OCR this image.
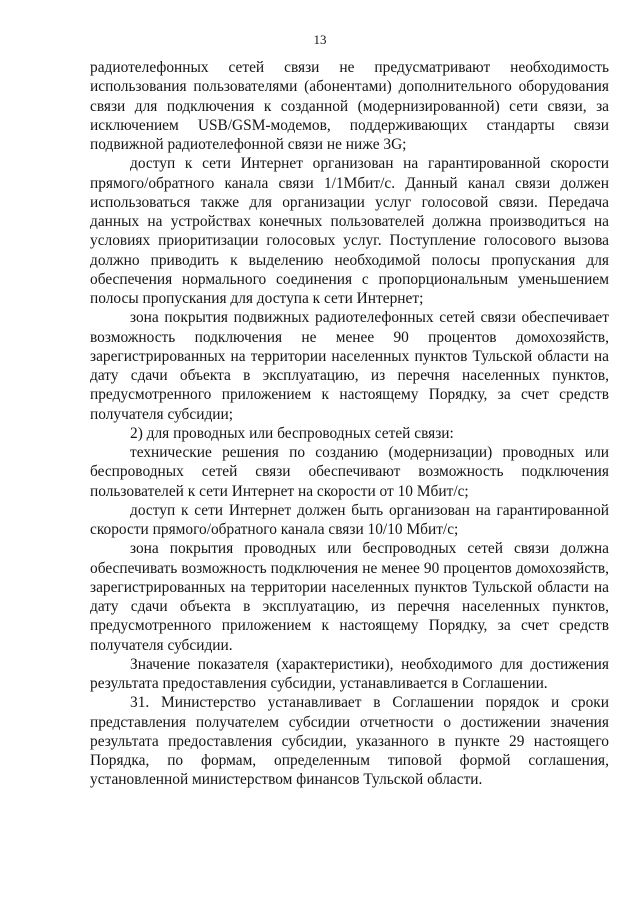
13

радиотелефонных сетей связи не предусматривают необходимость использования пользователями (абонентами) дополнительного оборудования связи для подключения к созданной (модернизированной) сети связи, за исключением USB/GSM-модемов, поддерживающих стандарты связи подвижной радиотелефонной связи не ниже 3G;

доступ к сети Интернет организован на гарантированной скорости прямого/обратного канала связи 1/1Мбит/с. Данный канал связи должен использоваться также для организации услуг голосовой связи. Передача данных на устройствах конечных пользователей должна производиться на условиях приоритизации голосовых услуг. Поступление голосового вызова должно приводить к выделению необходимой полосы пропускания для обеспечения нормального соединения с пропорциональным уменьшением полосы пропускания для доступа к сети Интернет;

зона покрытия подвижных радиотелефонных сетей связи обеспечивает возможность подключения не менее 90 процентов домохозяйств, зарегистрированных на территории населенных пунктов Тульской области на дату сдачи объекта в эксплуатацию, из перечня населенных пунктов, предусмотренного приложением к настоящему Порядку, за счет средств получателя субсидии;

2) для проводных или беспроводных сетей связи:

технические решения по созданию (модернизации) проводных или беспроводных сетей связи обеспечивают возможность подключения пользователей к сети Интернет на скорости от 10 Мбит/с;

доступ к сети Интернет должен быть организован на гарантированной скорости прямого/обратного канала связи 10/10 Мбит/с;

зона покрытия проводных или беспроводных сетей связи должна обеспечивать возможность подключения не менее 90 процентов домохозяйств, зарегистрированных на территории населенных пунктов Тульской области на дату сдачи объекта в эксплуатацию, из перечня населенных пунктов, предусмотренного приложением к настоящему Порядку, за счет средств получателя субсидии.

Значение показателя (характеристики), необходимого для достижения результата предоставления субсидии, устанавливается в Соглашении.

31. Министерство устанавливает в Соглашении порядок и сроки представления получателем субсидии отчетности о достижении значения результата предоставления субсидии, указанного в пункте 29 настоящего Порядка, по формам, определенным типовой формой соглашения, установленной министерством финансов Тульской области.
